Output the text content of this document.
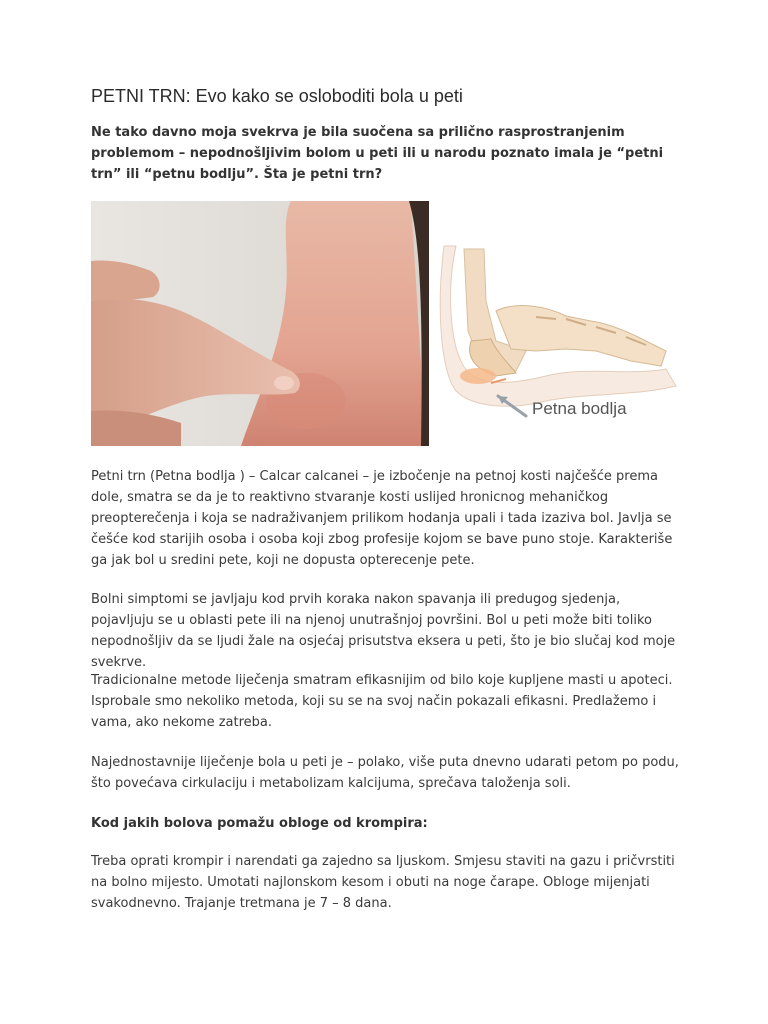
PETNI TRN: Evo kako se osloboditi bola u peti

Ne tako davno moja svekrva je bila suočena sa prilično rasprostranjenim problemom – nepodnošljivim bolom u peti ili u narodu poznato imala je “petni trn” ili “petnu bodlju”. Šta je petni trn?

Petna bodlja

Petni trn (Petna bodlja ) – Calcar calcanei – je izbočenje na petnoj kosti najčešće prema dole, smatra se da je to reaktivno stvaranje kosti uslijed hronicnog mehaničkog preopterečenja i koja se nadraživanjem prilikom hodanja upali i tada izaziva bol. Javlja se češće kod starijih osoba i osoba koji zbog profesije kojom se bave puno stoje. Karakteriše ga jak bol u sredini pete, koji ne dopusta opterecenje pete.

Bolni simptomi se javljaju kod prvih koraka nakon spavanja ili predugog sjedenja, pojavljuju se u oblasti pete ili na njenoj unutrašnjoj površini. Bol u peti može biti toliko nepodnošljiv da se ljudi žale na osjećaj prisutstva eksera u peti, što je bio slučaj kod moje svekrve.

Tradicionalne metode liječenja smatram efikasnijim od bilo koje kupljene masti u apoteci. Isprobale smo nekoliko metoda, koji su se na svoj način pokazali efikasni. Predlažemo i vama, ako nekome zatreba.

Najednostavnije liječenje bola u peti je – polako, više puta dnevno udarati petom po podu, što povećava cirkulaciju i metabolizam kalcijuma, sprečava taloženja soli.

Kod jakih bolova pomažu obloge od krompira:

Treba oprati krompir i narendati ga zajedno sa ljuskom. Smjesu staviti na gazu i pričvrstiti na bolno mijesto. Umotati najlonskom kesom i obuti na noge čarape. Obloge mijenjati svakodnevno. Trajanje tretmana je 7 – 8 dana.
